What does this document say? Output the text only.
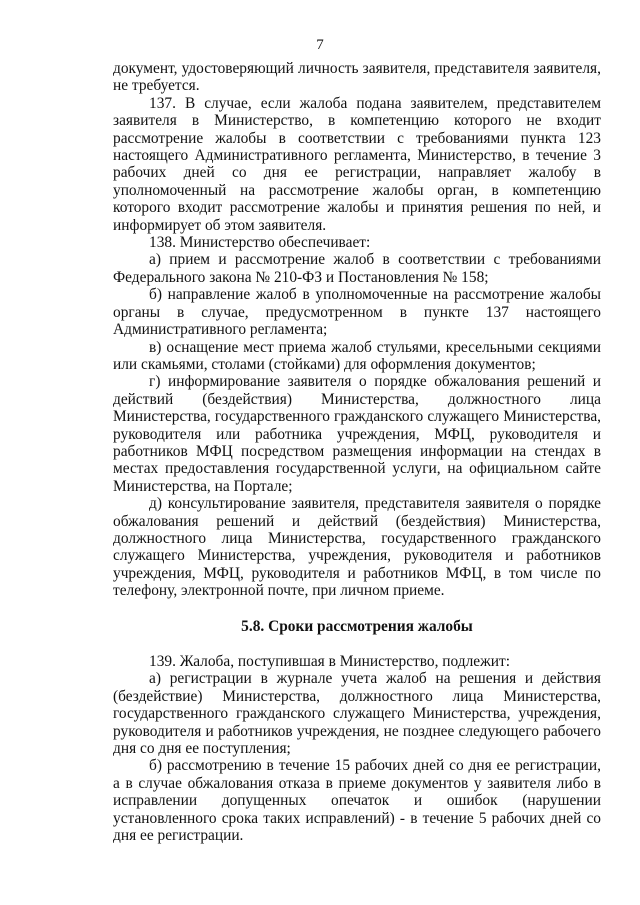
7

документ, удостоверяющий личность заявителя, представителя заявителя, не требуется.

137. В случае, если жалоба подана заявителем, представителем заявителя в Министерство, в компетенцию которого не входит рассмотрение жалобы в соответствии с требованиями пункта 123 настоящего Административного регламента, Министерство, в течение 3 рабочих дней со дня ее регистрации, направляет жалобу в уполномоченный на рассмотрение жалобы орган, в компетенцию которого входит рассмотрение жалобы и принятия решения по ней, и информирует об этом заявителя.

138. Министерство обеспечивает:

а) прием и рассмотрение жалоб в соответствии с требованиями Федерального закона № 210-ФЗ и Постановления № 158;

б) направление жалоб в уполномоченные на рассмотрение жалобы органы в случае, предусмотренном в пункте 137 настоящего Административного регламента;

в) оснащение мест приема жалоб стульями, кресельными секциями или скамьями, столами (стойками) для оформления документов;

г) информирование заявителя о порядке обжалования решений и действий (бездействия) Министерства, должностного лица Министерства, государственного гражданского служащего Министерства, руководителя или работника учреждения, МФЦ, руководителя и работников МФЦ посредством размещения информации на стендах в местах предоставления государственной услуги, на официальном сайте Министерства, на Портале;

д) консультирование заявителя, представителя заявителя о порядке обжалования решений и действий (бездействия) Министерства, должностного лица Министерства, государственного гражданского служащего Министерства, учреждения, руководителя и работников учреждения, МФЦ, руководителя и работников МФЦ, в том числе по телефону, электронной почте, при личном приеме.

5.8. Сроки рассмотрения жалобы

139. Жалоба, поступившая в Министерство, подлежит:

а) регистрации в журнале учета жалоб на решения и действия (бездействие) Министерства, должностного лица Министерства, государственного гражданского служащего Министерства, учреждения, руководителя и работников учреждения, не позднее следующего рабочего дня со дня ее поступления;

б) рассмотрению в течение 15 рабочих дней со дня ее регистрации, а в случае обжалования отказа в приеме документов у заявителя либо в исправлении допущенных опечаток и ошибок (нарушении установленного срока таких исправлений) - в течение 5 рабочих дней со дня ее регистрации.
